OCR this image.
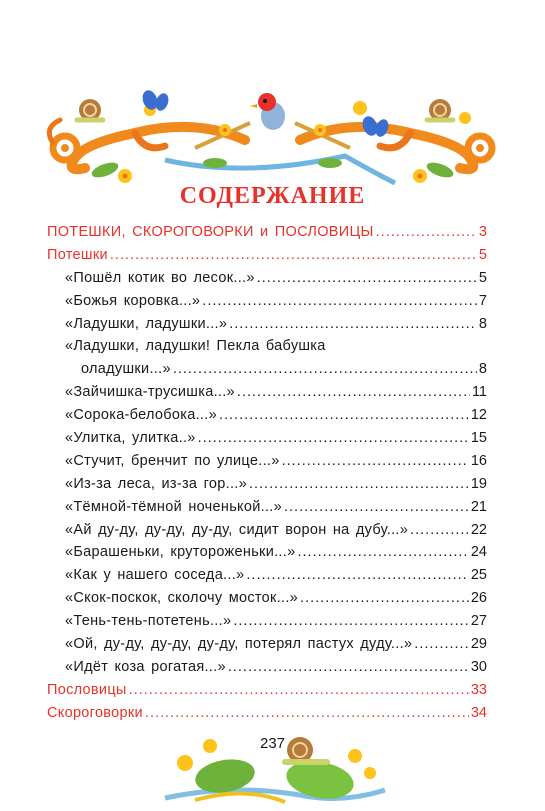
СОДЕРЖАНИЕ
ПОТЕШКИ, СКОРОГОВОРКИ и ПОСЛОВИЦЫ .....	3
Потешки .....	5
«Пошёл котик во лесок...» .....	5
«Божья коровка...» .....	7
«Ладушки, ладушки...» .....	8
«Ладушки, ладушки! Пекла бабушка
оладушки...» .....	8
«Зайчишка-трусишка...» .....	11
«Сорока-белобока...» .....	12
«Улитка, улитка..» .....	15
«Стучит, бренчит по улице...» .....	16
«Из-за леса, из-за гор...» .....	19
«Тёмной-тёмной ноченькой...» .....	21
«Ай ду-ду, ду-ду, ду-ду, сидит ворон на дубу...» .....	22
«Барашеньки, крутороженьки...» .....	24
«Как у нашего соседа...» .....	25
«Скок-поскок, сколочу мосток...» .....	26
«Тень-тень-потетень...» .....	27
«Ой, ду-ду, ду-ду, ду-ду, потерял пастух дуду...» .....	29
«Идёт коза рогатая...» .....	30
Пословицы .....	33
Скороговорки .....	34
237
